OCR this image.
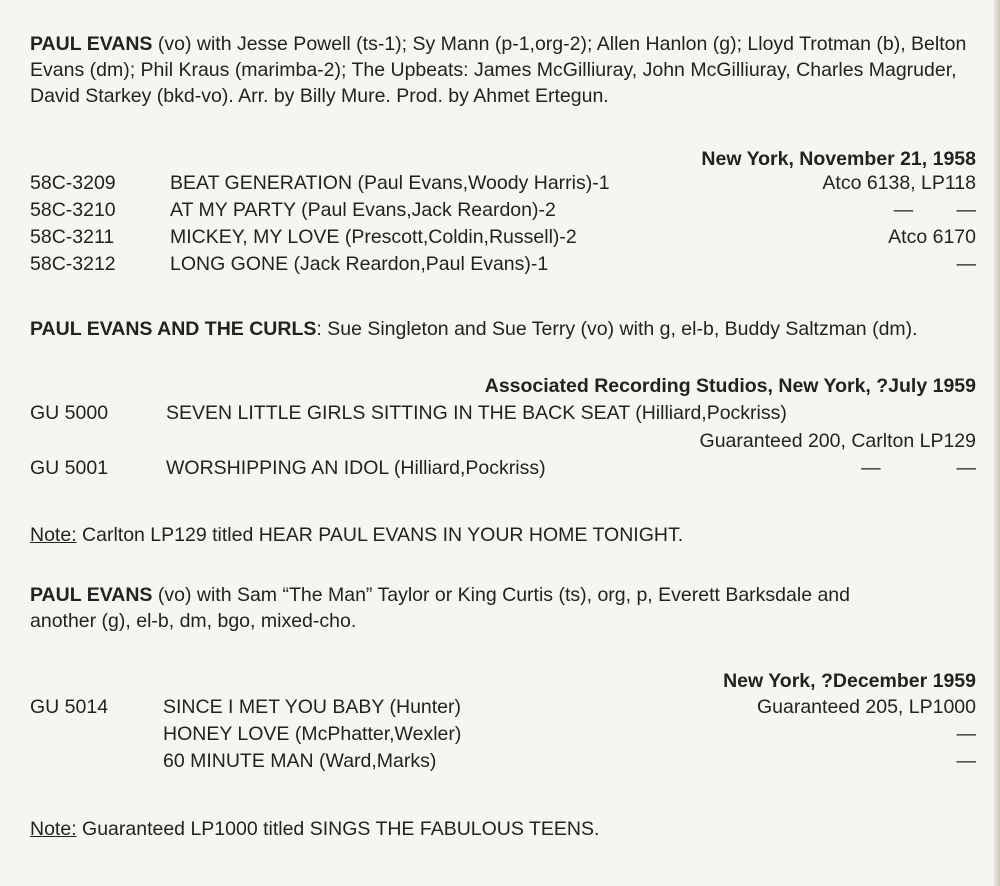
PAUL EVANS (vo) with Jesse Powell (ts-1); Sy Mann (p-1,org-2); Allen Hanlon (g); Lloyd Trotman (b), Belton Evans (dm); Phil Kraus (marimba-2); The Upbeats: James McGilliuray, John McGilliuray, Charles Magruder, David Starkey (bkd-vo). Arr. by Billy Mure. Prod. by Ahmet Ertegun.
New York, November 21, 1958
58C-3209	BEAT GENERATION (Paul Evans,Woody Harris)-1	Atco 6138, LP118
58C-3210	AT MY PARTY (Paul Evans,Jack Reardon)-2	—        —
58C-3211	MICKEY, MY LOVE (Prescott,Coldin,Russell)-2	Atco 6170
58C-3212	LONG GONE (Jack Reardon,Paul Evans)-1	—
PAUL EVANS AND THE CURLS: Sue Singleton and Sue Terry (vo) with g, el-b, Buddy Saltzman (dm).
Associated Recording Studios, New York, ?July 1959
GU 5000	SEVEN LITTLE GIRLS SITTING IN THE BACK SEAT (Hilliard,Pockriss)
Guaranteed 200, Carlton LP129
GU 5001	WORSHIPPING AN IDOL (Hilliard,Pockriss)	—              —
Note: Carlton LP129 titled HEAR PAUL EVANS IN YOUR HOME TONIGHT.
PAUL EVANS (vo) with Sam “The Man” Taylor or King Curtis (ts), org, p, Everett Barksdale and another (g), el-b, dm, bgo, mixed-cho.
New York, ?December 1959
GU 5014	SINCE I MET YOU BABY (Hunter)	Guaranteed 205, LP1000
HONEY LOVE (McPhatter,Wexler)	—
60 MINUTE MAN (Ward,Marks)	—
Note: Guaranteed LP1000 titled SINGS THE FABULOUS TEENS.
